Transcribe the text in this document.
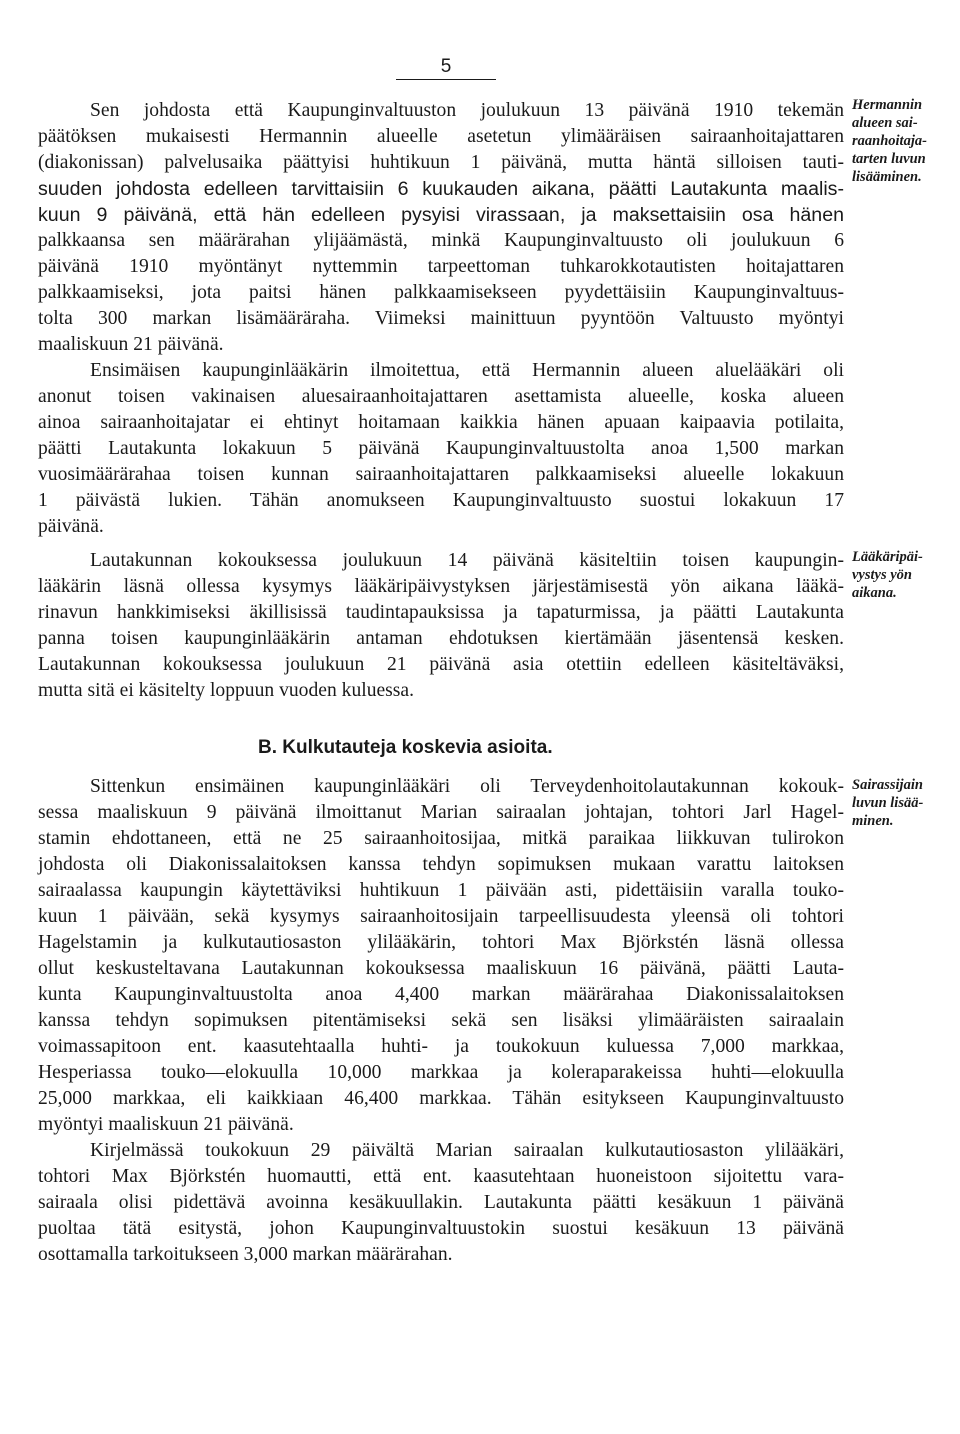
5
Sen johdosta että Kaupunginvaltuuston joulukuun 13 päivänä 1910 tekemän
päätöksen mukaisesti Hermannin alueelle asetetun ylimääräisen sairaanhoitajattaren
(diakonissan) palvelusaika päättyisi huhtikuun 1 päivänä, mutta häntä silloisen tauti-
suuden johdosta edelleen tarvittaisiin 6 kuukauden aikana, päätti Lautakunta maalis-
kuun 9 päivänä, että hän edelleen pysyisi virassaan, ja maksettaisiin osa hänen
palkkaansa sen määrärahan ylijäämästä, minkä Kaupunginvaltuusto oli joulukuun 6
päivänä 1910 myöntänyt nyttemmin tarpeettoman tuhkarokkotautisten hoitajattaren
palkkaamiseksi, jota paitsi hänen palkkaamisekseen pyydettäisiin Kaupunginvaltuus-
tolta 300 markan lisämääräraha. Viimeksi mainittuun pyyntöön Valtuusto myöntyi
maaliskuun 21 päivänä.
Ensimäisen kaupunginlääkärin ilmoitettua, että Hermannin alueen aluelääkäri oli
anonut toisen vakinaisen aluesairaanhoitajattaren asettamista alueelle, koska alueen
ainoa sairaanhoitajatar ei ehtinyt hoitamaan kaikkia hänen apuaan kaipaavia potilaita,
päätti Lautakunta lokakuun 5 päivänä Kaupunginvaltuustolta anoa 1,500 markan
vuosimäärärahaa toisen kunnan sairaanhoitajattaren palkkaamiseksi alueelle lokakuun
1 päivästä lukien. Tähän anomukseen Kaupunginvaltuusto suostui lokakuun 17
päivänä.
Hermannin
alueen sai-
raanhoitaja-
tarten luvun
lisääminen.
Lautakunnan kokouksessa joulukuun 14 päivänä käsiteltiin toisen kaupungin-
lääkärin läsnä ollessa kysymys lääkäripäivystyksen järjestämisestä yön aikana lääkä-
rinavun hankkimiseksi äkillisissä taudintapauksissa ja tapaturmissa, ja päätti Lautakunta
panna toisen kaupunginlääkärin antaman ehdotuksen kiertämään jäsentensä kesken.
Lautakunnan kokouksessa joulukuun 21 päivänä asia otettiin edelleen käsiteltäväksi,
mutta sitä ei käsitelty loppuun vuoden kuluessa.
Lääkäripäi-
vystys yön
aikana.
B. Kulkutauteja koskevia asioita.
Sittenkun ensimäinen kaupunginlääkäri oli Terveydenhoitolautakunnan kokouk-
sessa maaliskuun 9 päivänä ilmoittanut Marian sairaalan johtajan, tohtori Jarl Hagel-
stamin ehdottaneen, että ne 25 sairaanhoitosijaa, mitkä paraikaa liikkuvan tulirokon
johdosta oli Diakonissalaitoksen kanssa tehdyn sopimuksen mukaan varattu laitoksen
sairaalassa kaupungin käytettäviksi huhtikuun 1 päivään asti, pidettäisiin varalla touko-
kuun 1 päivään, sekä kysymys sairaanhoitosijain tarpeellisuudesta yleensä oli tohtori
Hagelstamin ja kulkutautiosaston ylilääkärin, tohtori Max Björkstén läsnä ollessa
ollut keskusteltavana Lautakunnan kokouksessa maaliskuun 16 päivänä, päätti Lauta-
kunta Kaupunginvaltuustolta anoa 4,400 markan määrärahaa Diakonissalaitoksen
kanssa tehdyn sopimuksen pitentämiseksi sekä sen lisäksi ylimääräisten sairaalain
voimassapitoon ent. kaasutehtaalla huhti- ja toukokuun kuluessa 7,000 markkaa,
Hesperiassa touko—elokuulla 10,000 markkaa ja koleraparakeissa huhti—elokuulla
25,000 markkaa, eli kaikkiaan 46,400 markkaa. Tähän esitykseen Kaupunginvaltuusto
myöntyi maaliskuun 21 päivänä.
Kirjelmässä toukokuun 29 päivältä Marian sairaalan kulkutautiosaston ylilääkäri,
tohtori Max Björkstén huomautti, että ent. kaasutehtaan huoneistoon sijoitettu vara-
sairaala olisi pidettävä avoinna kesäkuullakin. Lautakunta päätti kesäkuun 1 päivänä
puoltaa tätä esitystä, johon Kaupunginvaltuustokin suostui kesäkuun 13 päivänä
osottamalla tarkoitukseen 3,000 markan määrärahan.
Sairassijain
luvun lisää-
minen.
